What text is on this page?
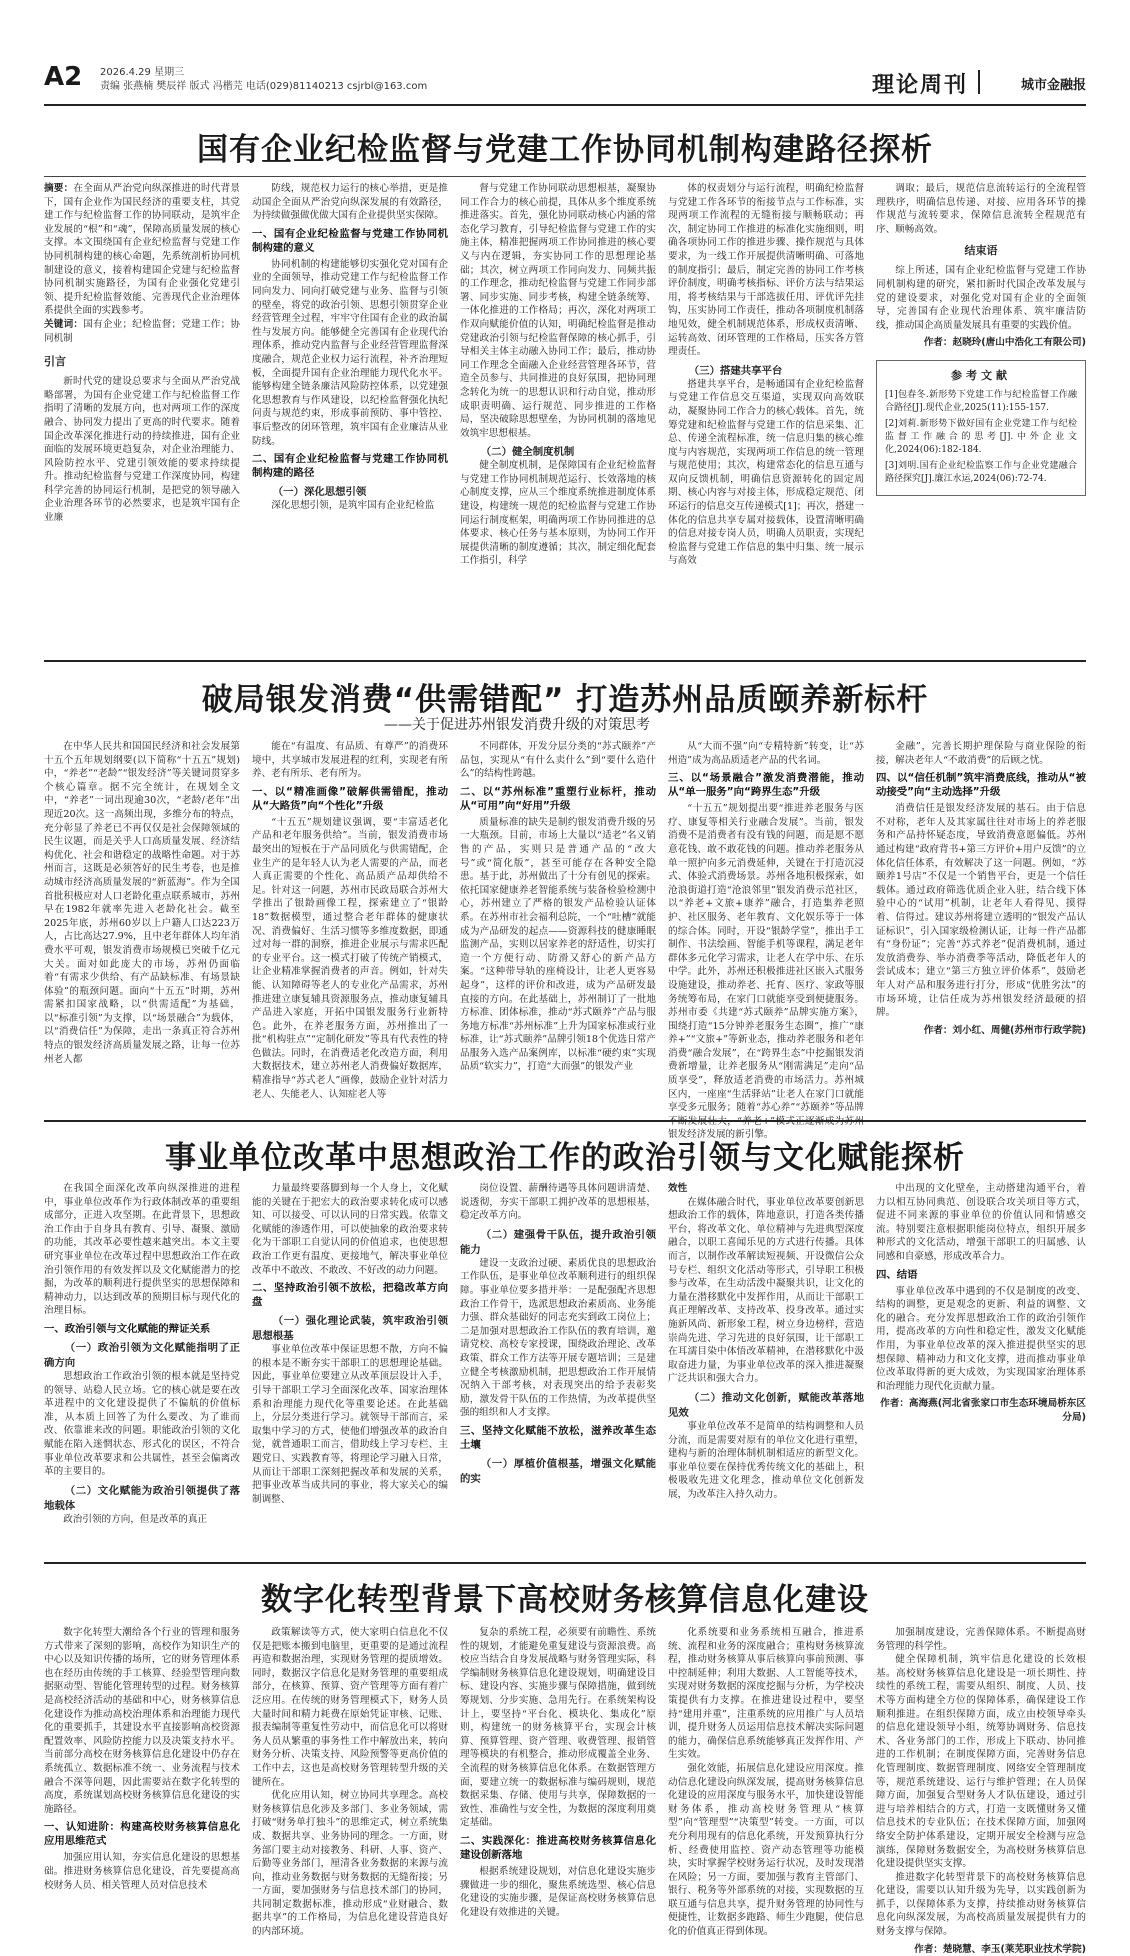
A2 2026.4.29 星期三
责编 张燕楠 樊辰祥 版式 冯楷芫 电话(029)81140213 csjrbl@163.com	理论周刊	城市金融报
国有企业纪检监督与党建工作协同机制构建路径探析
摘要：在全面从严治党向纵深推进的时代背景下，国有企业作为国民经济的重要支柱，其党建工作与纪检监督工作的协同联动，是筑牢企业发展的“根”和“魂”，保障高质量发展的核心支撑。本文围绕国有企业纪检监督与党建工作协同机制构建的核心命题，先系统剖析协同机制建设的意义，接着构建国企党建与纪检监督协同机制实施路径，为国有企业强化党建引领、提升纪检监督效能、完善现代企业治理体系提供全面的实践参考。
关键词：国有企业；纪检监督；党建工作；协同机制
引言

新时代党的建设总要求与全面从严治党战略部署，为国有企业党建工作与纪检监督工作指明了清晰的发展方向，也对两项工作的深度融合、协同发力提出了更高的时代要求。随着国企改革深化推进行动的持续推进，国有企业面临的发展环境更趋复杂，对企业治理能力、风险防控水平、党建引领效能的要求持续提升。推动纪检监督与党建工作深度协同，构建科学完善的协同运行机制，是把党的领导融入企业治理各环节的必然要求，也是筑牢国有企业廉

防线，规范权力运行的核心举措，更是推动国企全面从严治党向纵深发展的有效路径，为持续做强做优做大国有企业提供坚实保障。

一、国有企业纪检监督与党建工作协同机制构建的意义

协同机制的构建能够切实强化党对国有企业的全面领导，推动党建工作与纪检监督工作同向发力、同向打破党建与业务、监督与引领的壁垒，将党的政治引领、思想引领贯穿企业经营管理全过程，牢牢守住国有企业的政治属性与发展方向。能够健全完善国有企业现代治理体系，推动党内监督与企业经营管理监督深度融合，规范企业权力运行流程，补齐治理短板，全面提升国有企业治理能力现代化水平。能够构建全链条廉洁风险防控体系，以党建强化思想教育与作风建设，以纪检监督强化执纪问责与规范约束，形成事前预防、事中管控、事后整改的闭环管理，筑牢国有企业廉洁从业防线。

二、国有企业纪检监督与党建工作协同机制构建的路径
（一）深化思想引领

深化思想引领，是筑牢国有企业纪检监

督与党建工作协同联动思想根基，凝聚协同工作合力的核心前提，具体从多个维度系统推进落实。首先，强化协同联动核心内涵的常态化学习教育，引导纪检监督与党建工作的实施主体，精准把握两项工作协同推进的核心要义与内在逻辑，夯实协同工作的思想理论基础；其次，树立两项工作同向发力、同频共振的工作理念，推动纪检监督与党建工作同步部署、同步实施、同步考核，构建全链条统筹、一体化推进的工作格局；再次，深化对两项工作双向赋能价值的认知，明确纪检监督是推动党建政治引领与纪检监督保障的核心抓手，引导相关主体主动融入协同工作；最后，推动协同工作理念全面融入企业经营管理各环节，营造全员参与、共同推进的良好氛围，把协同理念转化为统一的思想认识和行动自觉，推动形成职责明确、运行规范、同步推进的工作格局，坚决破除思想壁垒，为协同机制的落地见效筑牢思想根基。

（二）健全制度机制

健全制度机制，是保障国有企业纪检监督与党建工作协同机制规范运行、长效落地的核心制度支撑，应从三个维度系统推进制度体系建设，构建统一规范的纪检监督与党建工作协同运行制度框架，明确两项工作协同推进的总体要求、核心任务与基本原则，为协同工作开展提供清晰的制度遵循；其次，制定细化配套工作指引，科学

体的权责划分与运行流程，明确纪检监督与党建工作各环节的衔接节点与工作标准，实现两项工作流程的无缝衔接与顺畅联动；再次，制定协同工作推进的标准化实施细则，明确各项协同工作的推进步骤、操作规范与具体要求，为一线工作开展提供清晰明确、可落地的制度指引；最后，制定完善的协同工作考核评价制度，明确考核指标、评价方法与结果运用，将考核结果与干部选拔任用、评优评先挂钩，压实协同工作责任，推动各项制度机制落地见效，健全机制规范体系，形成权责清晰、运转高效、闭环管理的工作格局，压实各方管理责任。

（三）搭建共享平台

搭建共享平台，是畅通国有企业纪检监督与党建工作信息交互渠道，实现双向高效联动，凝聚协同工作合力的核心载体。首先，统筹党建和纪检监督与党建工作的信息采集、汇总、传递全流程标准，统一信息归集的核心维度与内容规范，实现两项工作信息的统一管理与规范使用；其次，构建常态化的信息互通与双向反馈机制，明确信息资源转化的固定周期、核心内容与对接主体，形成稳定规范、闭环运行的信息交互传递模式[1]；再次，搭建一体化的信息共享专属对接载体，设置清晰明确的信息对接专岗人员，明确人员职责，实现纪检监督与党建工作信息的集中归集、统一展示与高效

调取；最后，规范信息流转运行的全流程管理秩序，明确信息传递、对接、应用各环节的操作规范与流转要求，保障信息流转全程规范有序、顺畅高效。

结束语

综上所述，国有企业纪检监督与党建工作协同机制构建的研究，紧扣新时代国企改革发展与党的建设要求，对强化党对国有企业的全面领导，完善国有企业现代治理体系、筑牢廉洁防线，推动国企高质量发展具有重要的实践价值。

作者：赵晓玲(唐山中浩化工有限公司)
参考文献

[1]包春冬.新形势下党建工作与纪检监督工作融合路径[J].现代企业,2025(11):155-157.

[2]刘莉.新形势下做好国有企业党建工作与纪检监督工作融合的思考[J].中外企业文化,2024(06):182-184.

[3]刘明.国有企业纪检监察工作与企业党建融合路径探究[J].廉江水运,2024(06):72-74.

破局银发消费“供需错配” 打造苏州品质颐养新标杆
——关于促进苏州银发消费升级的对策思考

在中华人民共和国国民经济和社会发展第十五个五年规划纲要(以下简称“十五五”规划)中，“养老”“老龄”“银发经济”等关键词贯穿多个核心篇章。据不完全统计，在规划全文中，“养老”一词出现逾30次，“老龄/老年”出现近20次。这一高频出现，多维分布的特点，充分彰显了养老已不再仅仅是社会保障领域的民生议题，而是关乎人口高质量发展、经济结构优化、社会和谐稳定的战略性命题。对于苏州而言，这既是必须答好的民生考卷，也是推动城市经济高质量发展的“新蓝海”。作为全国首批积极应对人口老龄化重点联系城市，苏州早在1982年就率先进入老龄化社会。截至2025年底，苏州60岁以上户籍人口达223万人，占比高达27.9%，且中老年群体人均年消费水平可观，银发消费市场规模已突破千亿元大关。面对如此庞大的市场，苏州仍面临着“有需求少供给、有产品缺标准、有场景缺体验”的瓶颈问题。面向“十五五”时期，苏州需紧扣国家战略，以“供需适配”为基础，以“标准引领”为支撑，以“场景融合”为载体，以“消费信任”为保障，走出一条真正符合苏州特点的银发经济高质量发展之路，让每一位苏州老人都

能在“有温度、有品质、有尊严”的消费环境中，共享城市发展进程的红利，实现老有所养、老有所乐、老有所为。

一、以“精准画像”破解供需错配，推动从“大路货”向“个性化”升级

“十五五”规划建议强调，要“丰富适老化产品和老年服务供给”。当前，银发消费市场最突出的短板在于产品同质化与供需错配，企业生产的是年轻人认为老人需要的产品，而老人真正需要的个性化、高品质产品却供给不足。针对这一问题，苏州市民政局联合苏州大学推出了银龄画像工程，探索建立了“银龄18”数据模型，通过整合老年群体的健康状况、消费偏好、生活习惯等多维度数据，即通过对每一群的洞察，推进企业展示与需求匹配的专业平台。这一模式打破了传统产销模式，让企业精准掌握消费者的声音。例如，针对失能、认知障碍等老人的专业化产品需求，苏州推进建立康复辅具资源服务点，推动康复辅具产品进入家庭，开拓中国银发服务行业新特色。此外，在养老服务方面，苏州推出了一批“机构驻点”“定制化研发”等具有代表性的特色做法。同时，在消费适老化改造方面，利用大数据技术，建立苏州老人消费偏好数据库，精准指导“苏式老人”画像，鼓励企业针对活力老人、失能老人、认知症老人等

不同群体，开发分层分类的“苏式颐养”产品包，实现从“有什么卖什么”到“要什么造什么”的结构性跨越。

二、以“苏州标准”重塑行业标杆，推动从“可用”向“好用”升级

质量标准的缺失是制约银发消费升级的另一大瓶颈。目前，市场上大量以“适老”名义销售的产品，实则只是普通产品的“改大号”或“简化版”，甚至可能存在各种安全隐患。基于此，苏州做出了十分有创见的探索。依托国家健康养老智能系统与装备检验检测中心，苏州建立了严格的银发产品检验认证体系。在苏州市社会福利总院，一个“吐槽”就能成为产品研发的起点——资源科技的健康睡眠监测产品，实则以居家养老的舒适性，切实打造一个方便行动、防滑又舒心的新产品方案。“这种带导轨的座椅设计，让老人更容易起身”，这样的评价和改进，成为产品研发最直接的方向。在此基础上，苏州制订了一批地方标准、团体标准，推动“苏式颐养”产品与服务地方标准“苏州标准”上升为国家标准或行业标准，让“苏式颐养”品牌引领18个优选日常产品服务入选产品案例库，以标准“硬约束”实现品质“软实力”，打造“大而强”的银发产业

从“大而不强”向“专精特新”转变，让“苏州造”成为高品质适老产品的代名词。

三、以“场景融合”激发消费潜能，推动从“单一服务”向“跨界生态”升级

“十五五”规划提出要“推进养老服务与医疗、康复等相关行业融合发展”。当前，银发消费不是消费者有没有钱的问题，而是愿不愿意花钱、敢不敢花钱的问题。推动养老服务从单一照护向多元消费延伸，关键在于打造沉浸式、体验式消费场景。苏州各地积极探索，如沧浪街道打造“沧浪邻里”银发消费示范社区，以“养老+文旅+康养”融合，打造集养老照护、社区服务、老年教育、文化娱乐等于一体的综合体。同时，开设“银龄学堂”，推出手工制作、书法绘画、智能手机等课程，满足老年群体多元化学习需求，让老人在学中乐、在乐中学。此外，苏州还积极推进社区嵌入式服务设施建设，推动养老、托育、医疗、家政等服务统筹布局，在家门口就能享受到便捷服务。苏州市委《共建“苏式颐养”品牌实施方案》，围绕打造“15分钟养老服务生态圈”，推广“康养+”“文旅+”等新业态，推动养老服务和老年消费“融合发展”，在“跨界生态”中挖掘银发消费新增量，让养老服务从“刚需满足”走向“品质享受”，释放适老消费的市场活力。苏州城区内，一座座“生活驿站”让老人在家门口就能享受多元服务；随着“苏心养”“苏颐养”等品牌 银发经济发展的新引擎。

金融”，完善长期护理保险与商业保险的衔接，解决老年人“不敢消费”的后顾之忧。

四、以“信任机制”筑牢消费底线，推动从“被动接受”向“主动选择”升级

消费信任是银发经济发展的基石。由于信息不对称，老年人及其家属往往对市场上的养老服务和产品持怀疑态度，导致消费意愿偏低。苏州通过构建“政府背书+第三方评价+用户反馈”的立体化信任体系，有效解决了这一问题。例如，“苏颐养1号店”不仅是一个销售平台，更是一个信任载体。通过政府筛选优质企业入驻，结合线下体验中心的“试用”机制，让老年人看得见、摸得着、信得过。建议苏州将建立透明的“银发产品认证标识”，引入国家级检测认证，让每一件产品都有“身份证”；完善“苏式养老”促消费机制，通过发放消费券、举办消费季等活动，降低老年人的尝试成本；建立“第三方独立评价体系”，鼓励老年人对产品和服务进行打分，形成“优胜劣汰”的市场环境，让信任成为苏州银发经济最硬的招牌。

作者：刘小红、周健(苏州市行政学院)
事业单位改革中思想政治工作的政治引领与文化赋能探析

在我国全面深化改革向纵深推进的进程中，事业单位改革作为行政体制改革的重要组成部分，正进入攻坚期。在此背景下，思想政治工作由于自身具有教育、引导、凝聚、激励的功能，其改革必要性越来越突出。本文主要研究事业单位在改革过程中思想政治工作在政治引领作用的有效发挥以及文化赋能潜力的挖掘，为改革的顺利进行提供坚实的思想保障和精神动力，以达到改革的预期目标与现代化的治理目标。

一、政治引领与文化赋能的辩证关系
（一）政治引领为文化赋能指明了正确方向

思想政治工作政治引领的根本就是坚持党的领导、站稳人民立场。它的核心就是要在改革进程中的文化建设提供了不偏航的价值标准，从本质上回答了为什么要改、为了谁而改、依靠谁来改的问题。职能政治引领的文化赋能在陷入迷惘状态、形式化的误区，不符合事业单位改革要求和公共属性，甚至会偏离改革的主要目的。

（二）文化赋能为政治引领提供了落地载体

政治引领的方向，但是改革的真正

力量最终要落脚到每一个人身上，文化赋能的关键在于把宏大的政治要求转化成可以感知、可以接受、可以认同的日常实践。依靠文化赋能的渗透作用，可以使抽象的政治要求转化为干部职工自觉认同的价值追求，也使思想政治工作更有温度、更接地气，解决事业单位改革中不敢改、不敢改、不好改的动力问题。

二、坚持政治引领不放松，把稳改革方向盘
（一）强化理论武装，筑牢政治引领思想根基

事业单位改革中保证思想不散，方向不偏的根本是不断夯实干部职工的思想理论基础。因此，事业单位要建立从改革顶层设计入手，引导干部职工学习全面深化改革、国家治理体系和治理能力现代化等重要论述。在此基础上，分层分类进行学习。就领导干部而言，采取集中学习的方式，使他们增强改革的政治自觉，就普通职工而言，借助线上学习专栏、主题党日、实践教育等，将理论学习融入日常，从而让干部职工深刻把握改革和发展的关系，把事业改革当成共同的事业，将大家关心的编制调整、

岗位设置、薪酬待遇等具体问题讲清楚、说透彻，夯实干部职工拥护改革的思想根基，稳定改革方向。

（二）建强骨干队伍，提升政治引领能力

建设一支政治过硬、素质优良的思想政治工作队伍，是事业单位改革顺利进行的组织保障。事业单位要多措并举：一是配强配齐思想政治工作骨干，选派思想政治素质高、业务能力强、群众基础好的同志充实到政工岗位上；二是加强对思想政治工作队伍的教育培训，邀请党校、高校专家授课，围绕政治理论、改革政策、群众工作方法等开展专题培训；三是建立健全考核激励机制，把思想政治工作开展情况纳入干部考核，对表现突出的给予表彰奖励，激发骨干队伍的工作热情，为改革提供坚强的组织和人才支撑。

三、坚持文化赋能不放松，滋养改革生态土壤
（一）厚植价值根基，增强文化赋能的实

效性

在媒体融合时代，事业单位改革要创新思想政治工作的载体，阵地意识，打造各类传播平台，将改革文化、单位精神与先进典型深度融合，以职工喜闻乐见的方式进行传播。具体而言，以制作改革解读短视频、开设微信公众号专栏、组织文化活动等形式，引导职工积极参与改革，在生动活泼中凝聚共识，让文化的力量在潜移默化中发挥作用，从而让干部职工真正理解改革、支持改革、投身改革。通过实施新风尚、新形象工程，树立身边榜样，营造崇尚先进、学习先进的良好氛围，让干部职工在耳濡目染中体悟改革精神，在潜移默化中汲取奋进力量，为事业单位改革的深入推进凝聚广泛共识和强大合力。

（二）推动文化创新，赋能改革落地见效

事业单位改革不是简单的结构调整和人员分流，而是需要对原有的单位文化进行重塑，建构与新的治理体制机制相适应的新型文化。事业单位要在保持优秀传统文化的基础上，积极吸收先进文化理念，推动单位文化创新发展，为改革注入持久动力。

中出现的文化壁垒，主动搭建沟通平台，着力以相互协同典范、创设联合攻关项目等方式，促进不同来源的事业单位的价值认同和情感交流。特别要注意根据职能岗位特点，组织开展多种形式的文化活动，增强干部职工的归属感、认同感和自豪感，形成改革合力。

四、结语

事业单位改革中遇到的不仅是制度的改变、结构的调整，更是观念的更新、利益的调整、文化的融合。充分发挥思想政治工作的政治引领作用，提高改革的方向性和稳定性，激发文化赋能作用，为事业单位改革的深入推进提供坚实的思想保障、精神动力和文化支撑，进而推动事业单位改革取得新的更大成效，为实现国家治理体系和治理能力现代化贡献力量。

作者：高海燕(河北省张家口市生态环境局桥东区分局)
数字化转型背景下高校财务核算信息化建设

数字化转型大潮给各个行业的管理和服务方式带来了深刻的影响，高校作为知识生产的中心以及知识传播的场所，它的财务管理体系也在经历由传统的手工核算、经验型管理向数据驱动型、智能化管理转型的过程。财务核算是高校经济活动的基础和中心，财务核算信息化建设作为推动高校治理体系和治理能力现代化的重要抓手，其建设水平直接影响高校资源配置效率、风险防控能力以及决策支持水平。当前部分高校在财务核算信息化建设中仍存在系统孤立、数据标准不统一、业务流程与技术融合不深等问题，因此需要站在数字化转型的高度，系统谋划高校财务核算信息化建设的实施路径。

一、认知进阶：构建高校财务核算信息化应用思维范式

加强应用认知，夯实信息化建设的思想基础。推进财务核算信息化建设，首先要提高高校财务人员、相关管理人员对信息技术

政策解读等方式，使大家明白信息化不仅仅是把账本搬到电脑里，更重要的是通过流程再造和数据治理，实现财务管理的提质增效。同时，数据汉字信息化是财务管理的重要组成部分，在核算、预算、资产管理等方面有着广泛应用。在传统的财务管理模式下，财务人员大量时间和精力耗费在原始凭证审核、记账、报表编制等重复性劳动中，而信息化可以将财务人员从繁重的事务性工作中解放出来，转向财务分析、决策支持、风险预警等更高价值的工作中去，这也是高校财务管理转型升级的关键所在。

优化应用认知，树立协同共享理念。高校财务核算信息化涉及多部门、多业务领域，需打破“财务单打独斗”的思维定式，树立系统集成、数据共享、业务协同的理念。一方面，财务部门要主动对接教务、科研、人事、资产、后勤等业务部门，厘清各业务数据的来源与流向，推动业务数据与财务数据的无缝衔接；另一方面，要加强财务与信息技术部门的协同，共同制定数据标准，推动形成“业财融合、数据共享”的工作格局，为信息化建设营造良好的内部环境。

复杂的系统工程，必须要有前瞻性、系统性的规划，才能避免重复建设与资源浪费。高校应当结合自身发展战略与财务管理实际，科学编制财务核算信息化建设规划，明确建设目标、建设内容、实施步骤与保障措施，做到统筹规划、分步实施、急用先行。在系统架构设计上，要坚持“平台化、模块化、集成化”原则，构建统一的财务核算平台，实现会计核算、预算管理、资产管理、收费管理、报销管理等模块的有机整合，推动形成覆盖全业务、全流程的财务核算信息化体系。在数据管理方面，要建立统一的数据标准与编码规则，规范数据采集、存储、使用与共享，保障数据的一致性、准确性与安全性，为数据的深度利用奠定基础。

二、实践深化：推进高校财务核算信息化建设创新落地

根据系统建设规划，对信息化建设实施步骤做进一步的细化，聚焦系统选型、核心信息化建设的实施步骤，是保证高校财务核算信息化建设有效推进的关键。

化系统要和业务系统相互融合，推进系统、流程和业务的深度融合；重构财务核算流程，推动财务核算从事后核算向事前预测、事中控制延伸；利用大数据、人工智能等技术，实现对财务数据的深度挖掘与分析，为学校决策提供有力支撑。在推进建设过程中，要坚持“建用并重”，注重系统的应用推广与人员培训，提升财务人员运用信息技术解决实际问题的能力，确保信息系统能够真正发挥作用、产生实效。

强化效能，拓展信息化建设应用深度。推动信息化建设向纵深发展，提高财务核算信息化建设的应用深度与服务水平，加快建设智能财务体系，推动高校财务管理从“核算型”向“管理型”“决策型”转变。一方面，可以充分利用现有的信息化系统，开发预算执行分析、经费使用监控、资产动态管理等功能模块，实时掌握学校财务运行状况，及时发现潜在风险；另一方面，要加强与教育主管部门、银行、税务等外部系统的对接，实现数据的互联互通与信息共享，提升财务管理的协同性与便捷性，让数据多跑路、师生少跑腿，使信息化的价值真正得到体现。

加强制度建设，完善保障体系。不断提高财务管理的科学性。

健全保障机制，筑牢信息化建设的长效根基。高校财务核算信息化建设是一项长期性、持续性的系统工程，需要从组织、制度、人员、技术等方面构建全方位的保障体系，确保建设工作顺利推进。在组织保障方面，成立由校领导牵头的信息化建设领导小组，统筹协调财务、信息技术、各业务部门的工作，形成上下联动、协同推进的工作机制；在制度保障方面，完善财务信息化管理制度、数据管理制度、网络安全管理制度等，规范系统建设、运行与维护管理；在人员保障方面，加强复合型财务人才队伍建设，通过引进与培养相结合的方式，打造一支既懂财务又懂信息技术的专业队伍；在技术保障方面，加强网络安全防护体系建设，定期开展安全检测与应急演练，保障财务数据安全，为高校财务核算信息化建设提供坚实支撑。

推进数字化转型背景下的高校财务核算信息化建设，需要以认知升级为先导，以实践创新为抓手，以保障体系为支撑，持续推动财务核算信息化向纵深发展，为高校高质量发展提供有力的财务支撑与保障。

作者：楚晓慧、李玉(莱芜职业技术学院)
